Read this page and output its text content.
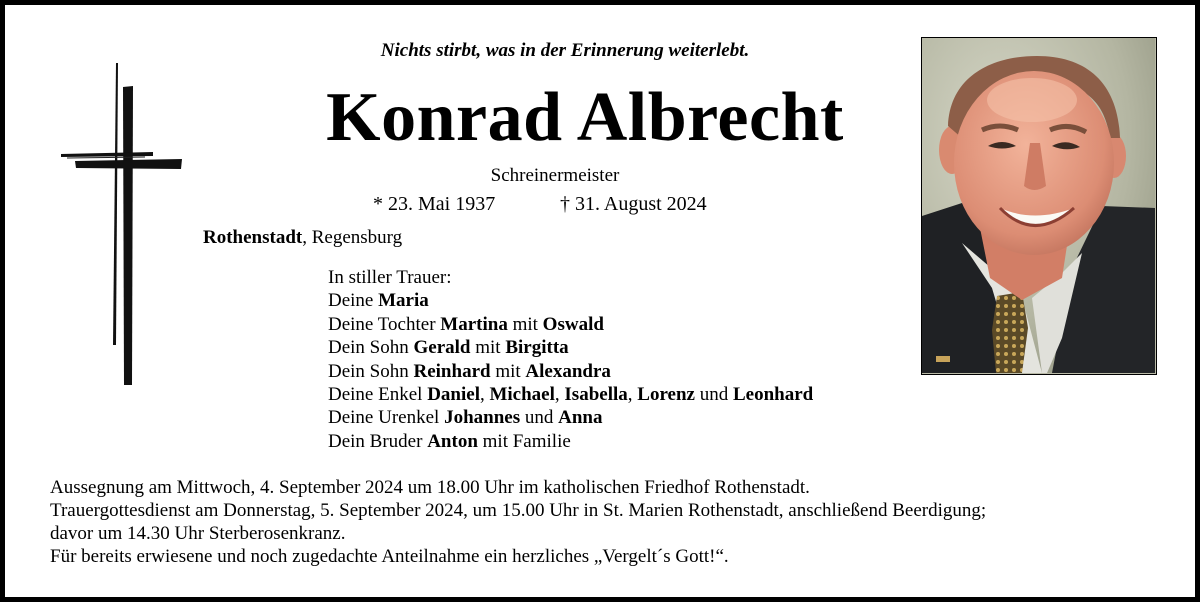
Nichts stirbt, was in der Erinnerung weiterlebt.
Konrad Albrecht
Schreinermeister
* 23. Mai 1937	† 31. August 2024
Rothenstadt, Regensburg
In stiller Trauer:
Deine Maria
Deine Tochter Martina mit Oswald
Dein Sohn Gerald mit Birgitta
Dein Sohn Reinhard mit Alexandra
Deine Enkel Daniel, Michael, Isabella, Lorenz und Leonhard
Deine Urenkel Johannes und Anna
Dein Bruder Anton mit Familie
Aussegnung am Mittwoch, 4. September 2024 um 18.00 Uhr im katholischen Friedhof Rothenstadt.
Trauergottesdienst am Donnerstag, 5. September 2024, um 15.00 Uhr in St. Marien Rothenstadt, anschließend Beerdigung;
davor um 14.30 Uhr Sterberosenkranz.
Für bereits erwiesene und noch zugedachte Anteilnahme ein herzliches „Vergelt´s Gott!“.
